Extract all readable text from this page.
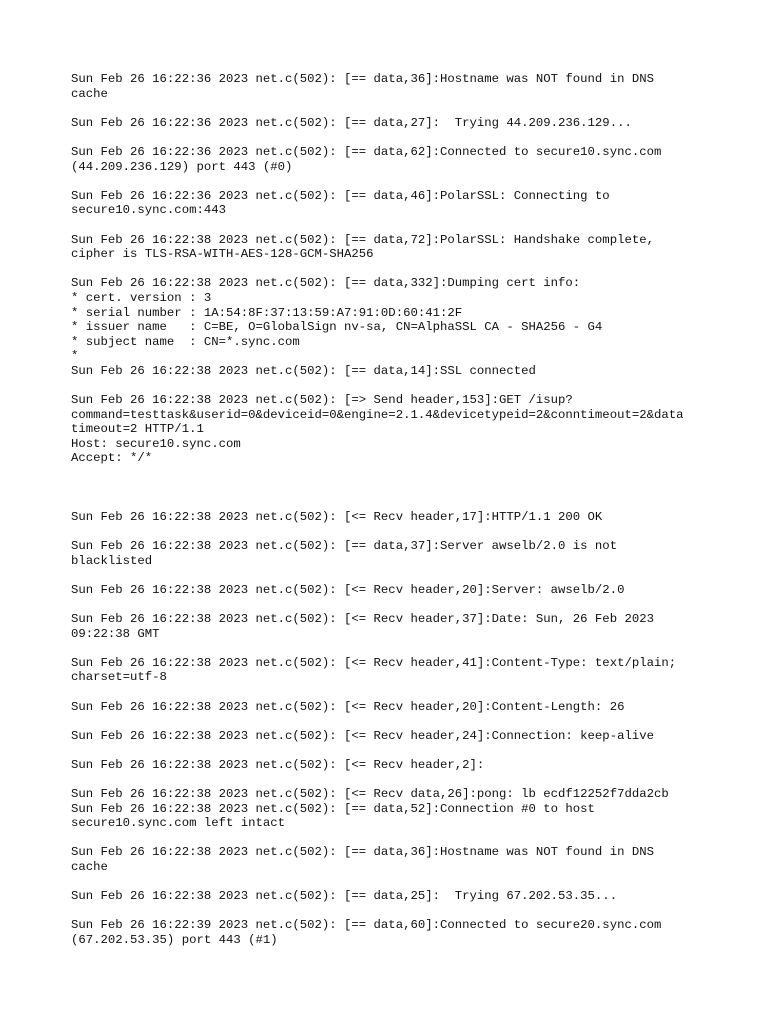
Sun Feb 26 16:22:36 2023 net.c(502): [== data,36]:Hostname was NOT found in DNS
cache
Sun Feb 26 16:22:36 2023 net.c(502): [== data,27]:  Trying 44.209.236.129...
Sun Feb 26 16:22:36 2023 net.c(502): [== data,62]:Connected to secure10.sync.com
(44.209.236.129) port 443 (#0)
Sun Feb 26 16:22:36 2023 net.c(502): [== data,46]:PolarSSL: Connecting to
secure10.sync.com:443
Sun Feb 26 16:22:38 2023 net.c(502): [== data,72]:PolarSSL: Handshake complete,
cipher is TLS-RSA-WITH-AES-128-GCM-SHA256
Sun Feb 26 16:22:38 2023 net.c(502): [== data,332]:Dumping cert info:
* cert. version : 3
* serial number : 1A:54:8F:37:13:59:A7:91:0D:60:41:2F
* issuer name   : C=BE, O=GlobalSign nv-sa, CN=AlphaSSL CA - SHA256 - G4
* subject name  : CN=*.sync.com
*
Sun Feb 26 16:22:38 2023 net.c(502): [== data,14]:SSL connected
Sun Feb 26 16:22:38 2023 net.c(502): [=> Send header,153]:GET /isup?
command=testtask&userid=0&deviceid=0&engine=2.1.4&devicetypeid=2&conntimeout=2&data
timeout=2 HTTP/1.1
Host: secure10.sync.com
Accept: */*
Sun Feb 26 16:22:38 2023 net.c(502): [<= Recv header,17]:HTTP/1.1 200 OK
Sun Feb 26 16:22:38 2023 net.c(502): [== data,37]:Server awselb/2.0 is not
blacklisted
Sun Feb 26 16:22:38 2023 net.c(502): [<= Recv header,20]:Server: awselb/2.0
Sun Feb 26 16:22:38 2023 net.c(502): [<= Recv header,37]:Date: Sun, 26 Feb 2023
09:22:38 GMT
Sun Feb 26 16:22:38 2023 net.c(502): [<= Recv header,41]:Content-Type: text/plain;
charset=utf-8
Sun Feb 26 16:22:38 2023 net.c(502): [<= Recv header,20]:Content-Length: 26
Sun Feb 26 16:22:38 2023 net.c(502): [<= Recv header,24]:Connection: keep-alive
Sun Feb 26 16:22:38 2023 net.c(502): [<= Recv header,2]:
Sun Feb 26 16:22:38 2023 net.c(502): [<= Recv data,26]:pong: lb ecdf12252f7dda2cb
Sun Feb 26 16:22:38 2023 net.c(502): [== data,52]:Connection #0 to host
secure10.sync.com left intact
Sun Feb 26 16:22:38 2023 net.c(502): [== data,36]:Hostname was NOT found in DNS
cache
Sun Feb 26 16:22:38 2023 net.c(502): [== data,25]:  Trying 67.202.53.35...
Sun Feb 26 16:22:39 2023 net.c(502): [== data,60]:Connected to secure20.sync.com
(67.202.53.35) port 443 (#1)
